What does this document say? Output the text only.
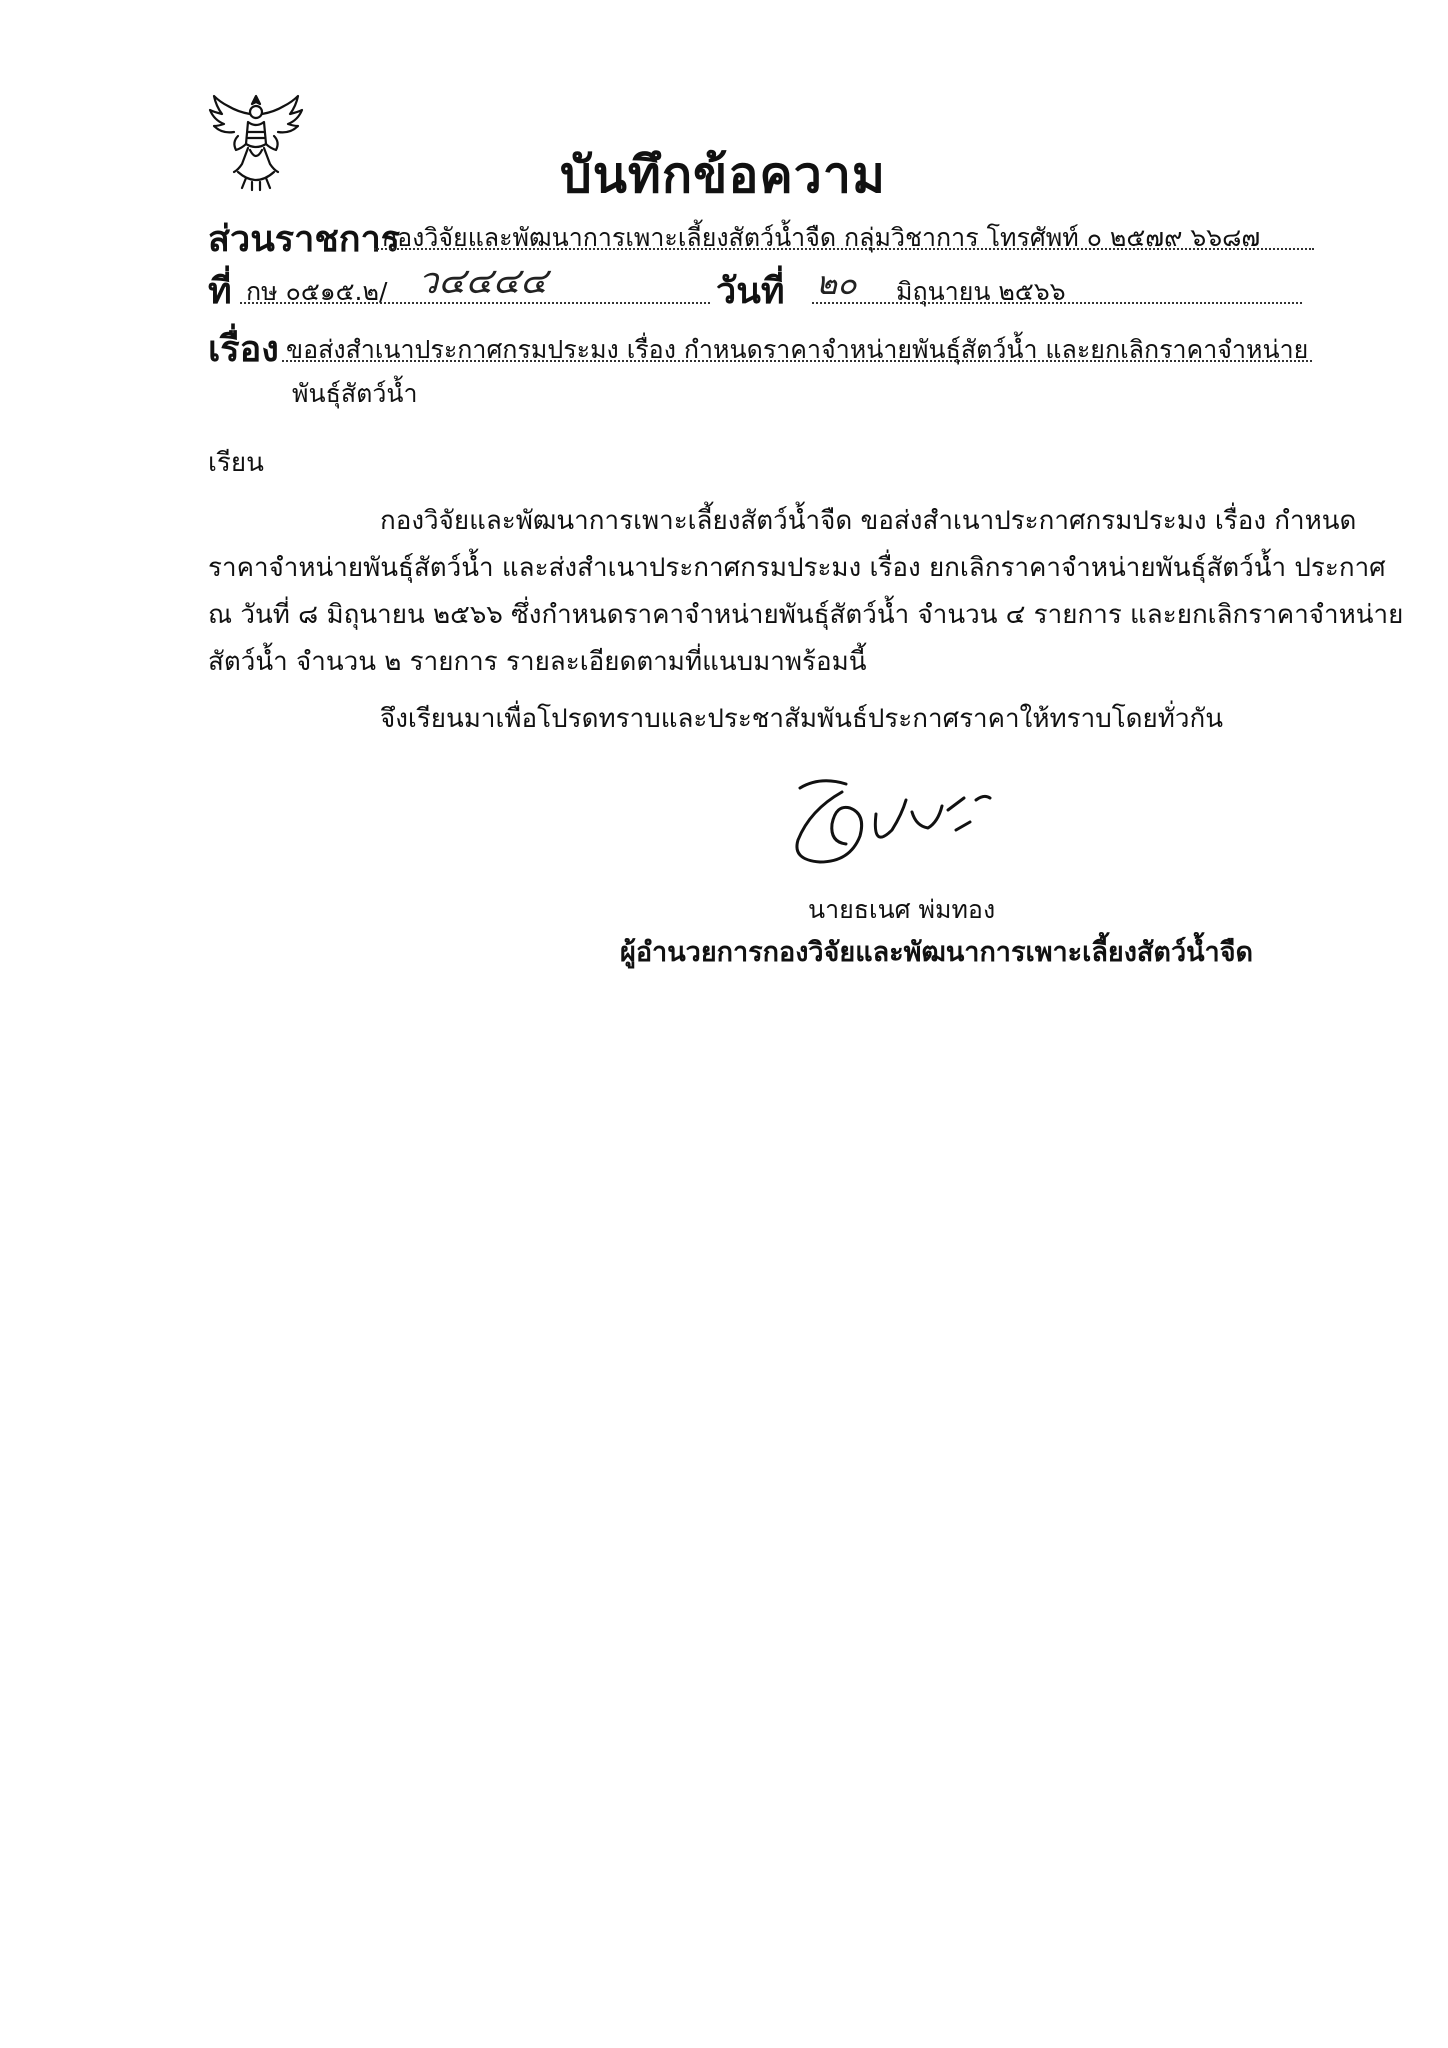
บันทึกข้อความ
ส่วนราชการ
กองวิจัยและพัฒนาการเพาะเลี้ยงสัตว์น้ำจืด กลุ่มวิชาการ โทรศัพท์ ๐ ๒๕๗๙ ๖๖๘๗
ที่ กษ ๐๕๑๕.๒/ ว๔๔๔๔	วันที่ ๒๐ มิถุนายน ๒๕๖๖
เรื่อง ขอส่งสำเนาประกาศกรมประมง เรื่อง กำหนดราคาจำหน่ายพันธุ์สัตว์น้ำ และยกเลิกราคาจำหน่าย
พันธุ์สัตว์น้ำ
เรียน
กองวิจัยและพัฒนาการเพาะเลี้ยงสัตว์น้ำจืด ขอส่งสำเนาประกาศกรมประมง เรื่อง กำหนด
ราคาจำหน่ายพันธุ์สัตว์น้ำ และส่งสำเนาประกาศกรมประมง เรื่อง ยกเลิกราคาจำหน่ายพันธุ์สัตว์น้ำ ประกาศ
ณ วันที่ ๘ มิถุนายน ๒๕๖๖ ซึ่งกำหนดราคาจำหน่ายพันธุ์สัตว์น้ำ จำนวน ๔ รายการ และยกเลิกราคาจำหน่าย
สัตว์น้ำ จำนวน ๒ รายการ รายละเอียดตามที่แนบมาพร้อมนี้
จึงเรียนมาเพื่อโปรดทราบและประชาสัมพันธ์ประกาศราคาให้ทราบโดยทั่วกัน
นายธเนศ พ่มทอง
ผู้อำนวยการกองวิจัยและพัฒนาการเพาะเลี้ยงสัตว์น้ำจืด
